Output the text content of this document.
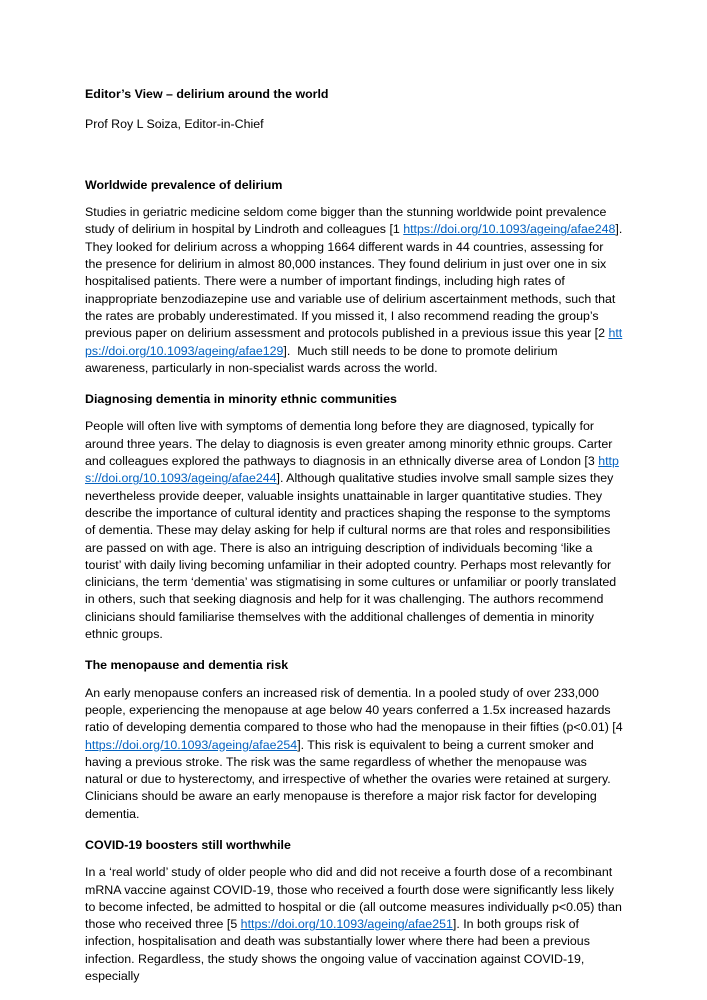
Editor’s View – delirium around the world

Prof Roy L Soiza, Editor-in-Chief

Worldwide prevalence of delirium

Studies in geriatric medicine seldom come bigger than the stunning worldwide point prevalence study of delirium in hospital by Lindroth and colleagues [1 https://doi.org/10.1093/ageing/afae248]. They looked for delirium across a whopping 1664 different wards in 44 countries, assessing for the presence for delirium in almost 80,000 instances. They found delirium in just over one in six hospitalised patients. There were a number of important findings, including high rates of inappropriate benzodiazepine use and variable use of delirium ascertainment methods, such that the rates are probably underestimated. If you missed it, I also recommend reading the group’s previous paper on delirium assessment and protocols published in a previous issue this year [2 https://doi.org/10.1093/ageing/afae129].  Much still needs to be done to promote delirium awareness, particularly in non-specialist wards across the world.

Diagnosing dementia in minority ethnic communities

People will often live with symptoms of dementia long before they are diagnosed, typically for around three years. The delay to diagnosis is even greater among minority ethnic groups. Carter and colleagues explored the pathways to diagnosis in an ethnically diverse area of London [3 https://doi.org/10.1093/ageing/afae244]. Although qualitative studies involve small sample sizes they nevertheless provide deeper, valuable insights unattainable in larger quantitative studies. They describe the importance of cultural identity and practices shaping the response to the symptoms of dementia. These may delay asking for help if cultural norms are that roles and responsibilities are passed on with age. There is also an intriguing description of individuals becoming ‘like a tourist’ with daily living becoming unfamiliar in their adopted country. Perhaps most relevantly for clinicians, the term ‘dementia’ was stigmatising in some cultures or unfamiliar or poorly translated in others, such that seeking diagnosis and help for it was challenging. The authors recommend clinicians should familiarise themselves with the additional challenges of dementia in minority ethnic groups.

The menopause and dementia risk

An early menopause confers an increased risk of dementia. In a pooled study of over 233,000 people, experiencing the menopause at age below 40 years conferred a 1.5x increased hazards ratio of developing dementia compared to those who had the menopause in their fifties (p<0.01) [4 https://doi.org/10.1093/ageing/afae254]. This risk is equivalent to being a current smoker and having a previous stroke. The risk was the same regardless of whether the menopause was natural or due to hysterectomy, and irrespective of whether the ovaries were retained at surgery. Clinicians should be aware an early menopause is therefore a major risk factor for developing dementia.

COVID-19 boosters still worthwhile

In a ‘real world’ study of older people who did and did not receive a fourth dose of a recombinant mRNA vaccine against COVID-19, those who received a fourth dose were significantly less likely to become infected, be admitted to hospital or die (all outcome measures individually p<0.05) than those who received three [5 https://doi.org/10.1093/ageing/afae251]. In both groups risk of infection, hospitalisation and death was substantially lower where there had been a previous infection. Regardless, the study shows the ongoing value of vaccination against COVID-19, especially
